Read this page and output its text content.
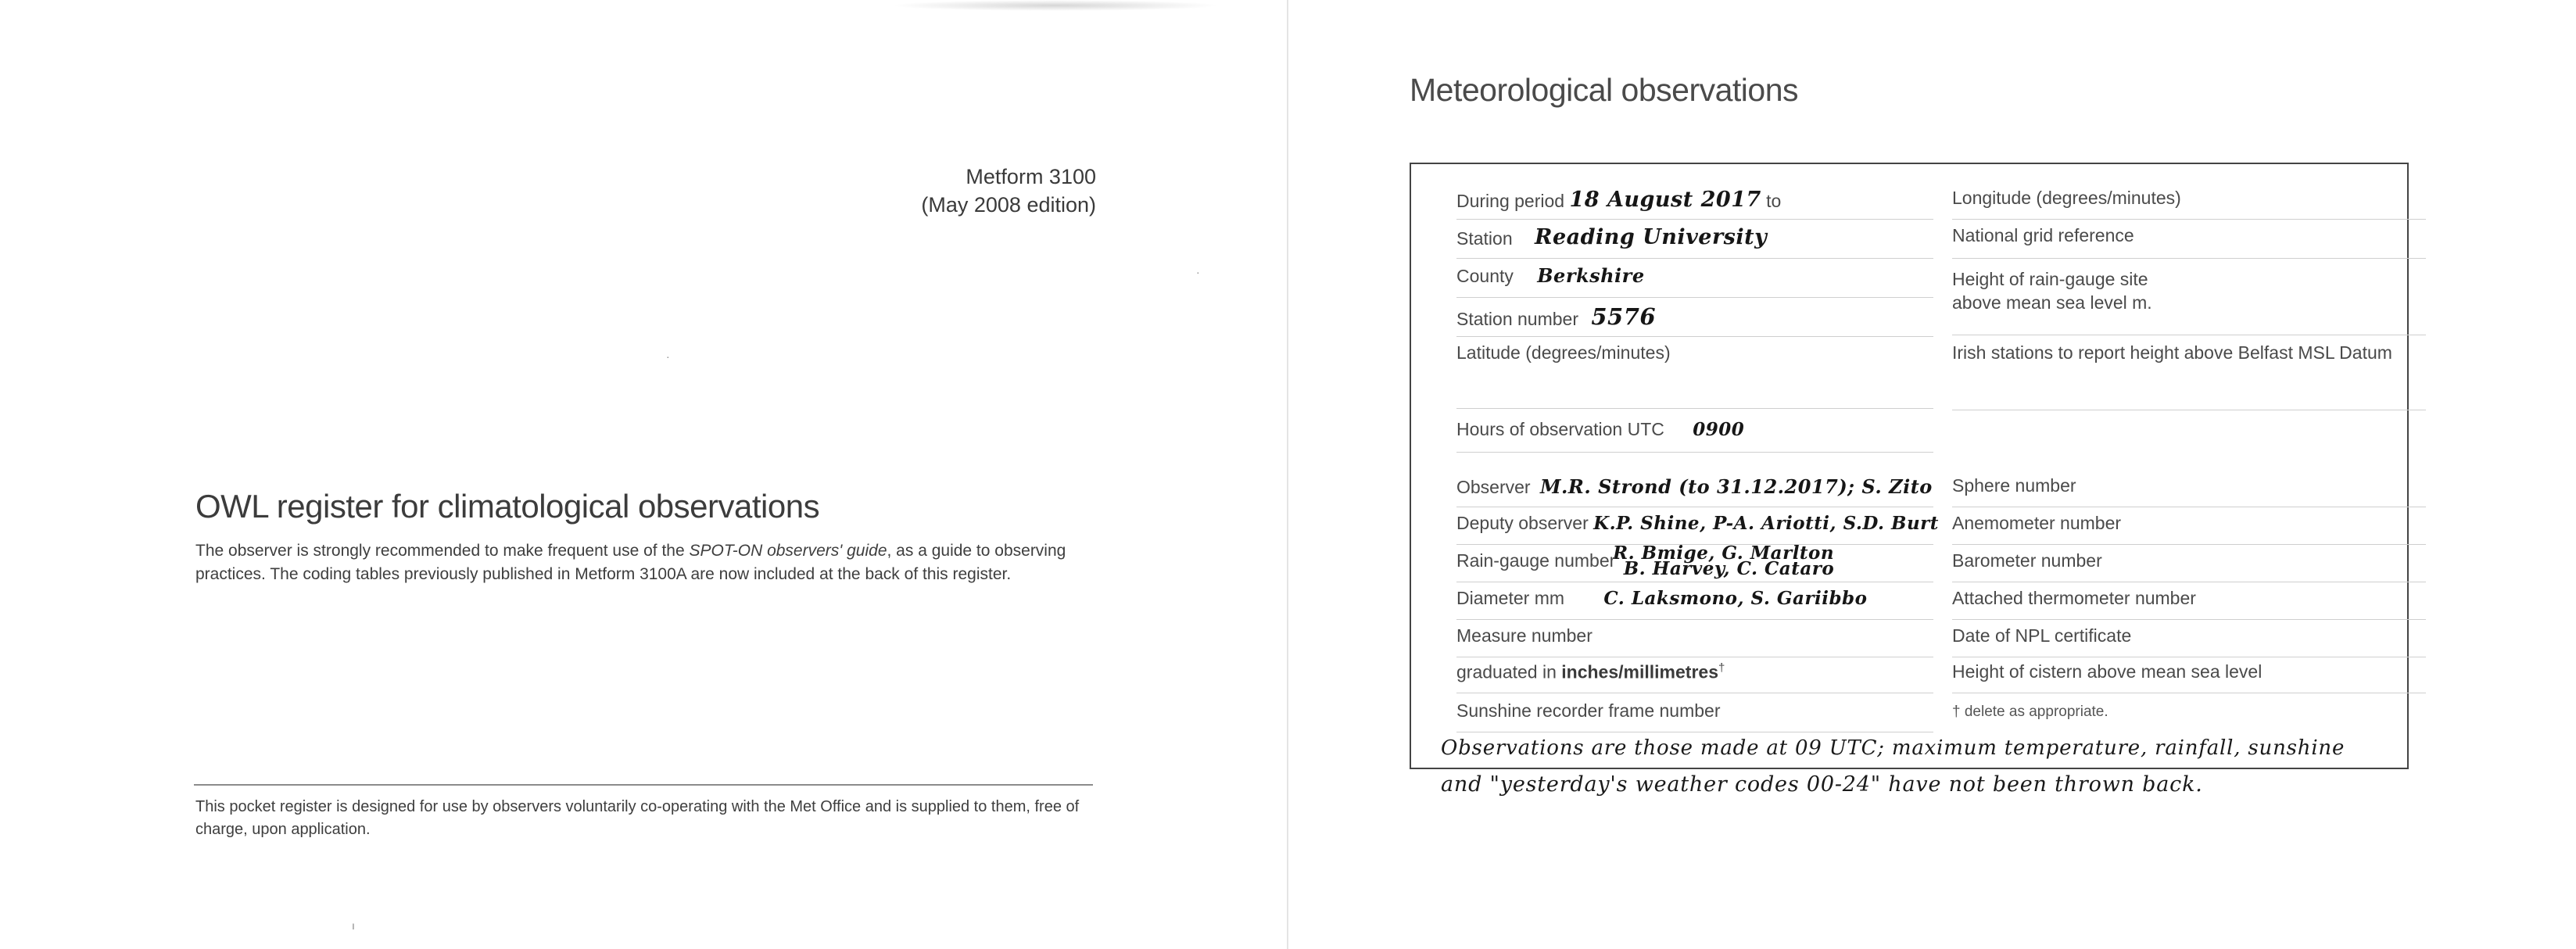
Metform 3100
(May 2008 edition)
OWL register for climatological observations
The observer is strongly recommended to make frequent use of the SPOT-ON observers' guide, as a guide to observing practices. The coding tables previously published in Metform 3100A are now included at the back of this register.
This pocket register is designed for use by observers voluntarily co-operating with the Met Office and is supplied to them, free of charge, upon application.
·
ı
·
Meteorological observations
During period 18 August 2017 to
Station Reading University
County Berkshire
Station number 5576
Latitude (degrees/minutes)
Hours of observation UTC 0900
Observer M.R. Strond (to 31.12.2017); S. Zito
Deputy observer K.P. Shine, P-A. Ariotti, S.D. Burt
R. Bmige, G. Marlton
Rain-gauge number B. Harvey, C. Cataro
Diameter mm C. Laksmono, S. Gariibbo
Measure number
graduated in inches/millimetres†
Sunshine recorder frame number
Longitude (degrees/minutes)
National grid reference
Height of rain-gauge site
above mean sea level m.
Irish stations to report height above Belfast MSL Datum
Sphere number
Anemometer number
Barometer number
Attached thermometer number
Date of NPL certificate
Height of cistern above mean sea level
† delete as appropriate.
Observations are those made at 09 UTC; maximum temperature, rainfall, sunshine
and "yesterday's weather codes 00-24" have not been thrown back.
